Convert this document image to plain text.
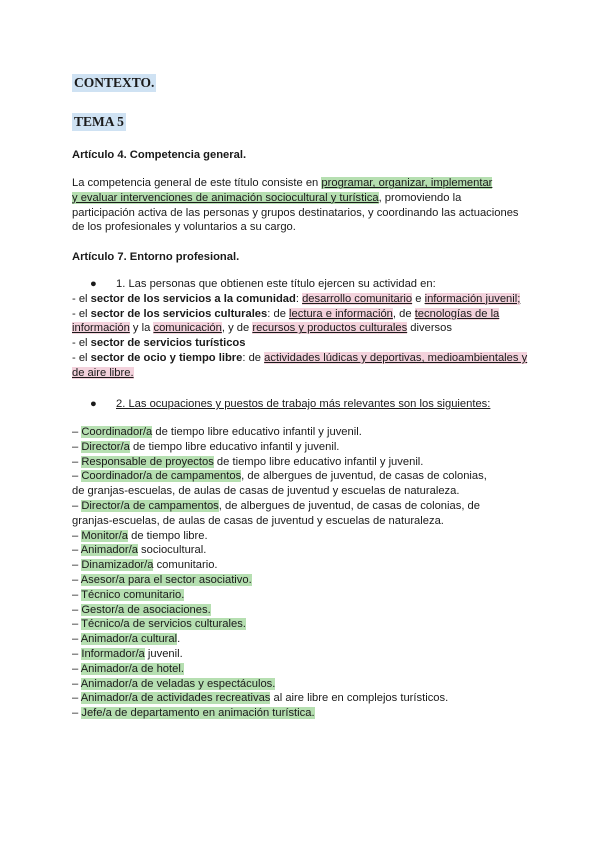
CONTEXTO.
TEMA 5
Artículo 4. Competencia general.
La competencia general de este título consiste en programar, organizar, implementar
y evaluar intervenciones de animación sociocultural y turística, promoviendo la
participación activa de las personas y grupos destinatarios, y coordinando las actuaciones
de los profesionales y voluntarios a su cargo.
Artículo 7. Entorno profesional.
● 1. Las personas que obtienen este título ejercen su actividad en:
- el sector de los servicios a la comunidad: desarrollo comunitario e información juvenil;
- el sector de los servicios culturales: de lectura e información, de tecnologías de la
información y la comunicación, y de recursos y productos culturales diversos
- el sector de servicios turísticos
- el sector de ocio y tiempo libre: de actividades lúdicas y deportivas, medioambientales y
de aire libre.
● 2. Las ocupaciones y puestos de trabajo más relevantes son los siguientes:
– Coordinador/a de tiempo libre educativo infantil y juvenil.
– Director/a de tiempo libre educativo infantil y juvenil.
– Responsable de proyectos de tiempo libre educativo infantil y juvenil.
– Coordinador/a de campamentos, de albergues de juventud, de casas de colonias,
de granjas-escuelas, de aulas de casas de juventud y escuelas de naturaleza.
– Director/a de campamentos, de albergues de juventud, de casas de colonias, de
granjas-escuelas, de aulas de casas de juventud y escuelas de naturaleza.
– Monitor/a de tiempo libre.
– Animador/a sociocultural.
– Dinamizador/a comunitario.
– Asesor/a para el sector asociativo.
– Técnico comunitario.
– Gestor/a de asociaciones.
– Técnico/a de servicios culturales.
– Animador/a cultural.
– Informador/a juvenil.
– Animador/a de hotel.
– Animador/a de veladas y espectáculos.
– Animador/a de actividades recreativas al aire libre en complejos turísticos.
– Jefe/a de departamento en animación turística.
